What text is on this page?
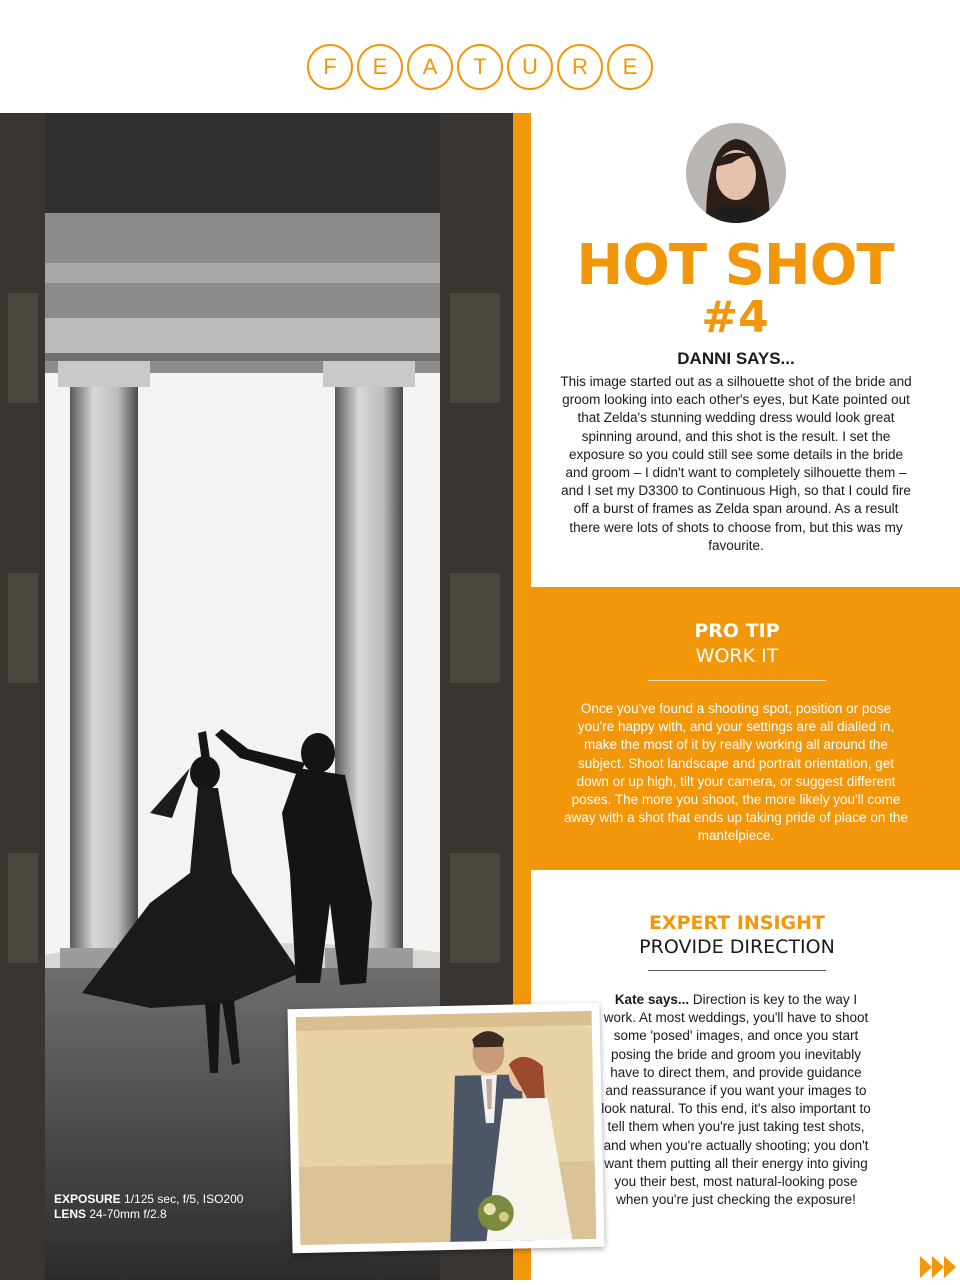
F	E	A	T	U	R	E
EXPOSURE 1/125 sec, f/5, ISO200
LENS 24-70mm f/2.8
HOT SHOT
#4
DANNI SAYS...
This image started out as a silhouette shot of the bride and groom looking into each other's eyes, but Kate pointed out that Zelda's stunning wedding dress would look great spinning around, and this shot is the result. I set the exposure so you could still see some details in the bride and groom – I didn't want to completely silhouette them – and I set my D3300 to Continuous High, so that I could fire off a burst of frames as Zelda span around. As a result there were lots of shots to choose from, but this was my favourite.
PRO TIP
WORK IT
Once you've found a shooting spot, position or pose you're happy with, and your settings are all dialled in, make the most of it by really working all around the subject. Shoot landscape and portrait orientation, get down or up high, tilt your camera, or suggest different poses. The more you shoot, the more likely you'll come away with a shot that ends up taking pride of place on the mantelpiece.
EXPERT INSIGHT
PROVIDE DIRECTION
Kate says... Direction is key to the way I work. At most weddings, you'll have to shoot some 'posed' images, and once you start posing the bride and groom you inevitably have to direct them, and provide guidance and reassurance if you want your images to look natural. To this end, it's also important to tell them when you're just taking test shots, and when you're actually shooting; you don't want them putting all their energy into giving you their best, most natural-looking pose when you're just checking the exposure!
